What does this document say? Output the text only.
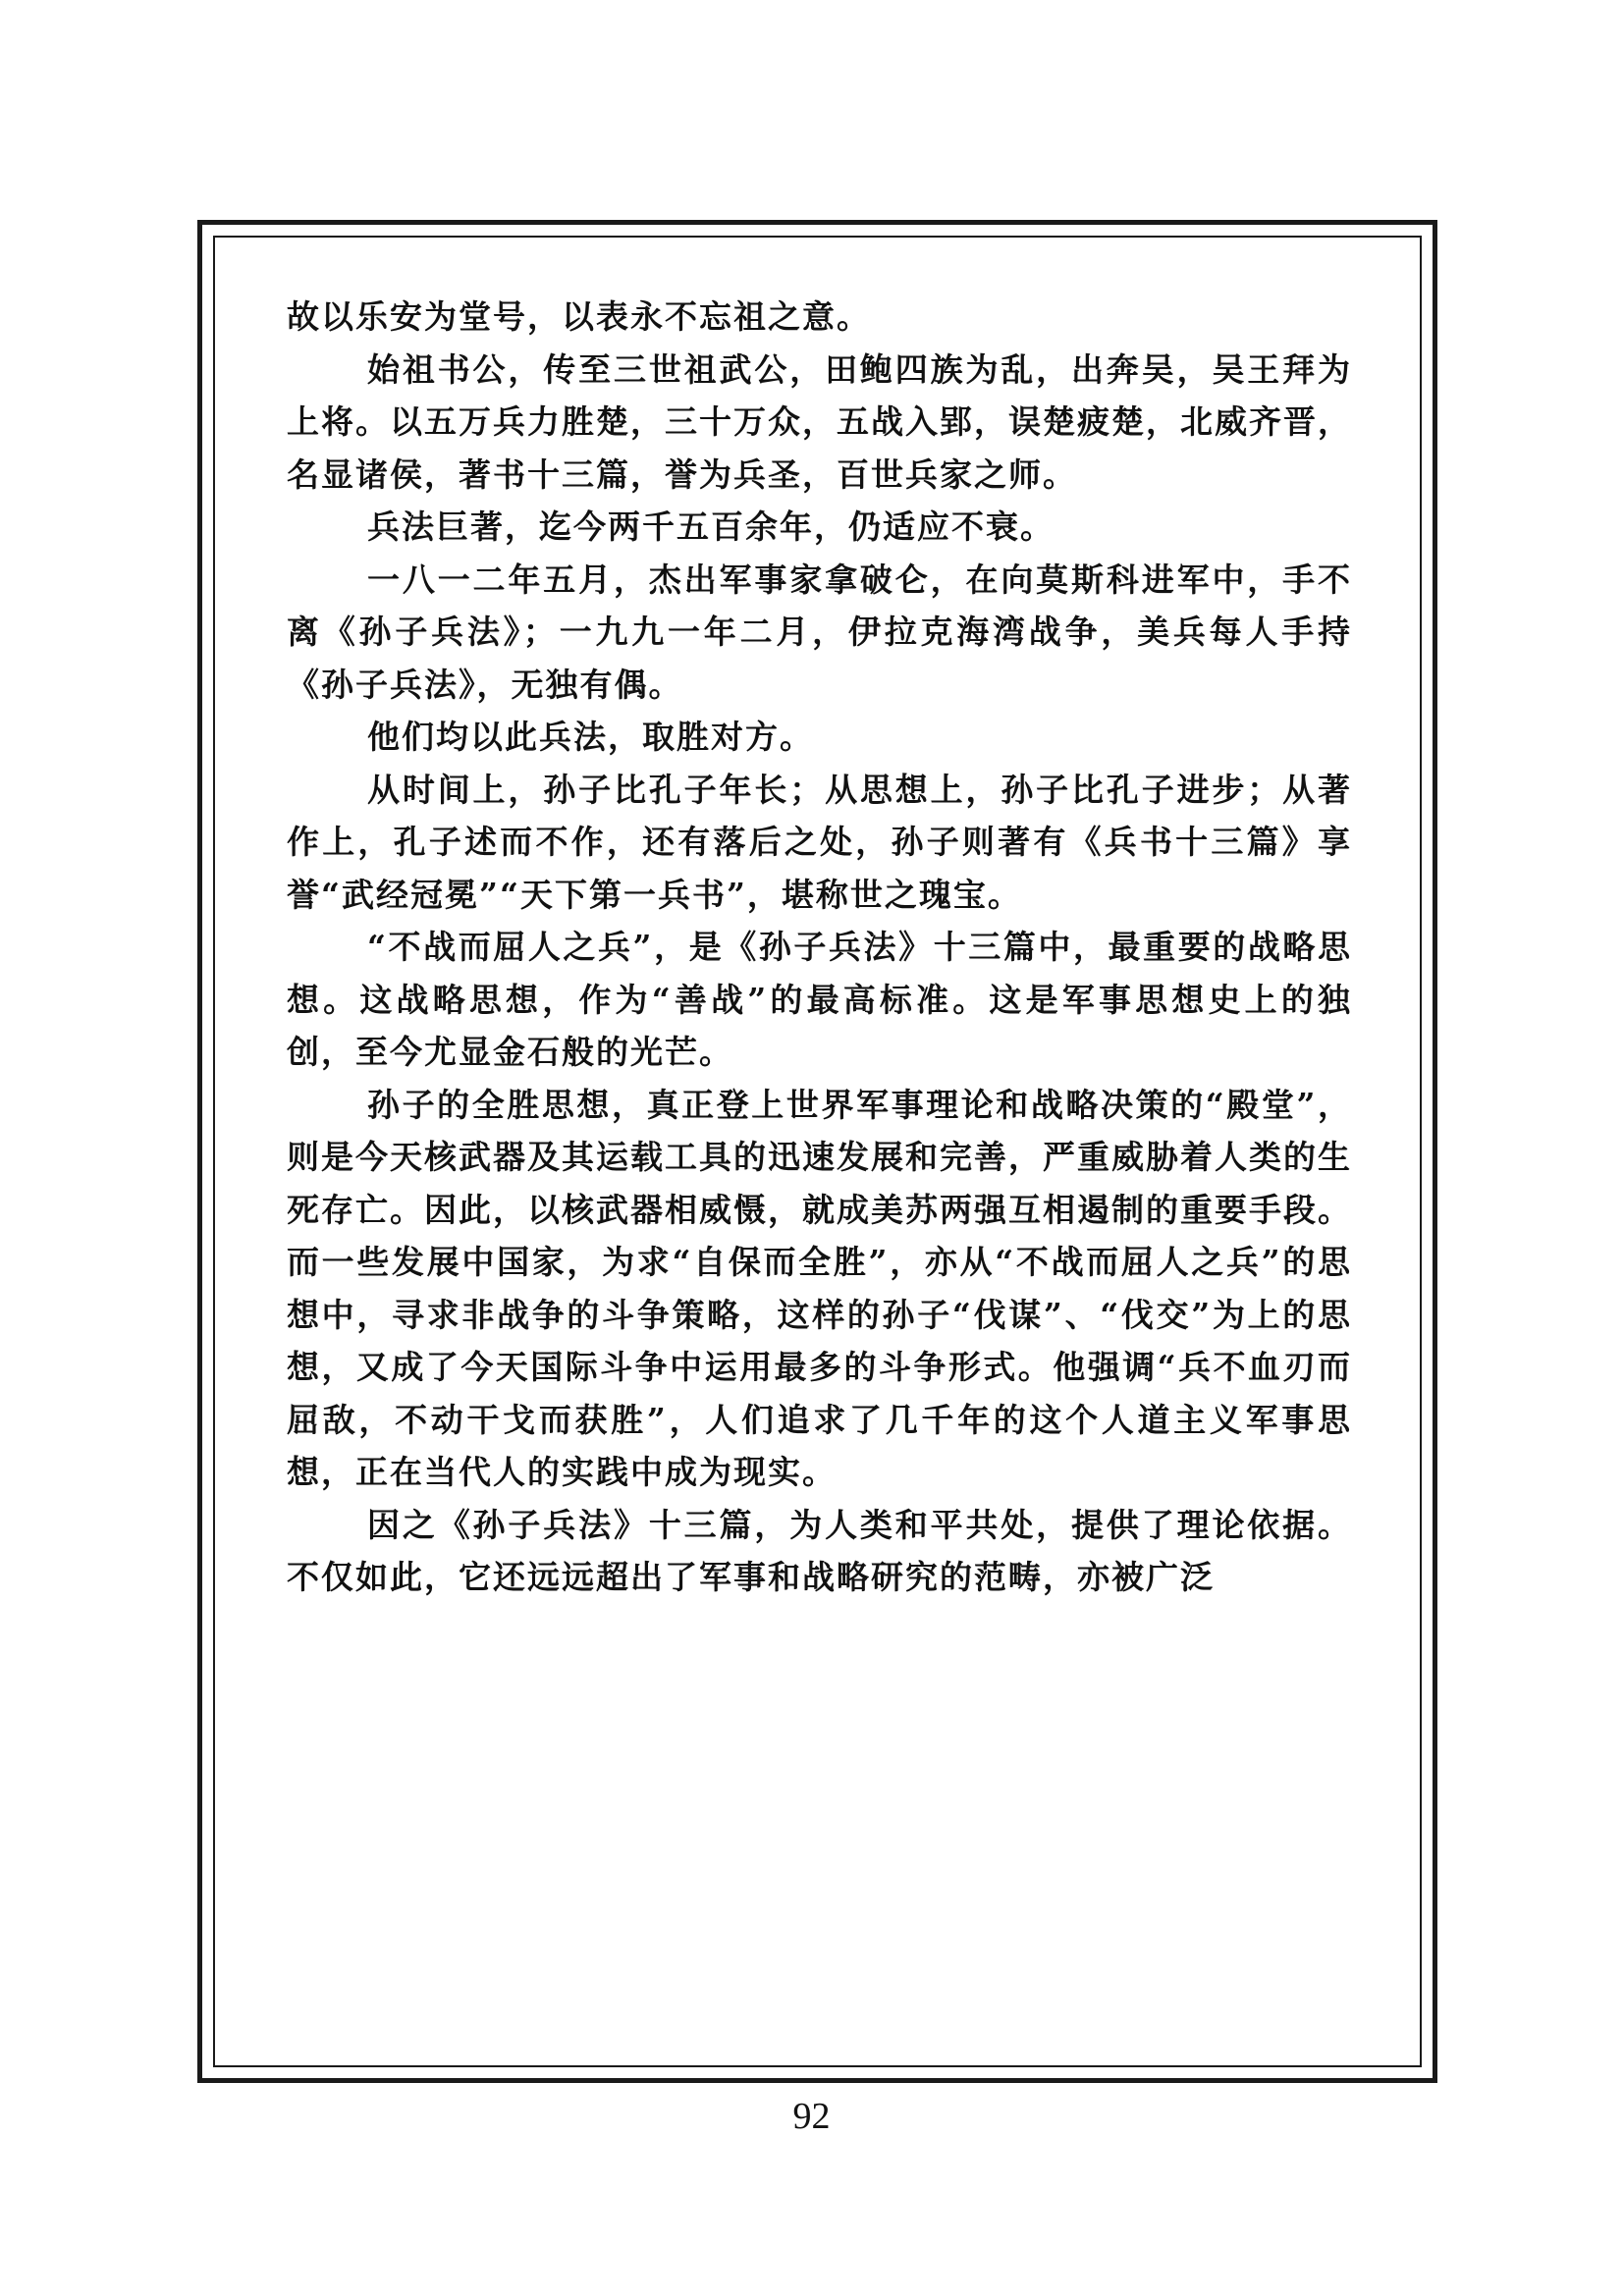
故以乐安为堂号，以表永不忘祖之意。

始祖书公，传至三世祖武公，田鲍四族为乱，出奔吴，吴王拜为上将。以五万兵力胜楚，三十万众，五战入郢，误楚疲楚，北威齐晋，名显诸侯，著书十三篇，誉为兵圣，百世兵家之师。

兵法巨著，迄今两千五百余年，仍适应不衰。

一八一二年五月，杰出军事家拿破仑，在向莫斯科进军中，手不离《孙子兵法》；一九九一年二月，伊拉克海湾战争，美兵每人手持《孙子兵法》，无独有偶。

他们均以此兵法，取胜对方。

从时间上，孙子比孔子年长；从思想上，孙子比孔子进步；从著作上，孔子述而不作，还有落后之处，孙子则著有《兵书十三篇》享誉“武经冠冕”“天下第一兵书”，堪称世之瑰宝。

“不战而屈人之兵”，是《孙子兵法》十三篇中，最重要的战略思想。这战略思想，作为“善战”的最高标准。这是军事思想史上的独创，至今尤显金石般的光芒。

孙子的全胜思想，真正登上世界军事理论和战略决策的“殿堂”，则是今天核武器及其运载工具的迅速发展和完善，严重威胁着人类的生死存亡。因此，以核武器相威慑，就成美苏两强互相遏制的重要手段。而一些发展中国家，为求“自保而全胜”，亦从“不战而屈人之兵”的思想中，寻求非战争的斗争策略，这样的孙子“伐谋”、“伐交”为上的思想，又成了今天国际斗争中运用最多的斗争形式。他强调“兵不血刃而屈敌，不动干戈而获胜”，人们追求了几千年的这个人道主义军事思想，正在当代人的实践中成为现实。

因之《孙子兵法》十三篇，为人类和平共处，提供了理论依据。不仅如此，它还远远超出了军事和战略研究的范畴，亦被广泛

92
